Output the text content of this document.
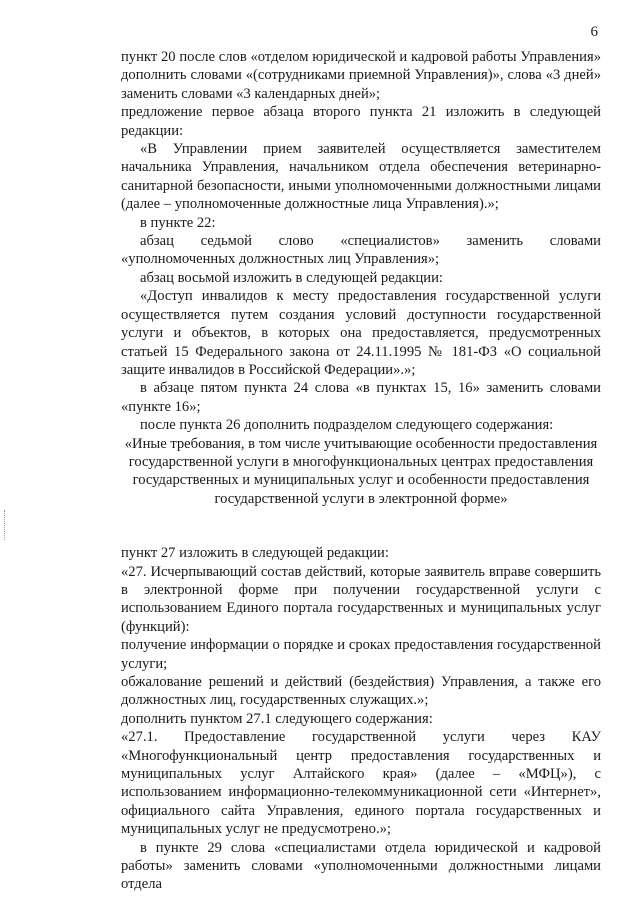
6

пункт 20 после слов «отделом юридической и кадровой работы Управления» дополнить словами «(сотрудниками приемной Управления)», слова «3 дней» заменить словами «3 календарных дней»;

предложение первое абзаца второго пункта 21 изложить в следующей редакции:

«В Управлении прием заявителей осуществляется заместителем начальника Управления, начальником отдела обеспечения ветеринарно-санитарной безопасности, иными уполномоченными должностными лицами (далее – уполномоченные должностные лица Управления).»;

в пункте 22:

абзац седьмой слово «специалистов» заменить словами «уполномоченных должностных лиц Управления»;

абзац восьмой изложить в следующей редакции:

«Доступ инвалидов к месту предоставления государственной услуги осуществляется путем создания условий доступности государственной услуги и объектов, в которых она предоставляется, предусмотренных статьей 15 Федерального закона от 24.11.1995 № 181-ФЗ «О социальной защите инвалидов в Российской Федерации».»;

в абзаце пятом пункта 24 слова «в пунктах 15, 16» заменить словами «пункте 16»;

после пункта 26 дополнить подразделом следующего содержания:

«Иные требования, в том числе учитывающие особенности предоставления государственной услуги в многофункциональных центрах предоставления государственных и муниципальных услуг и особенности предоставления государственной услуги в электронной форме»

пункт 27 изложить в следующей редакции:

«27. Исчерпывающий состав действий, которые заявитель вправе совершить в электронной форме при получении государственной услуги с использованием Единого портала государственных и муниципальных услуг (функций):

получение информации о порядке и сроках предоставления государственной услуги;

обжалование решений и действий (бездействия) Управления, а также его должностных лиц, государственных служащих.»;

дополнить пунктом 27.1 следующего содержания:

«27.1. Предоставление государственной услуги через КАУ «Многофункциональный центр предоставления государственных и муниципальных услуг Алтайского края» (далее – «МФЦ»), с использованием информационно-телекоммуникационной сети «Интернет», официального сайта Управления, единого портала государственных и муниципальных услуг не предусмотрено.»;

в пункте 29 слова «специалистами отдела юридической и кадровой работы» заменить словами «уполномоченными должностными лицами отдела
